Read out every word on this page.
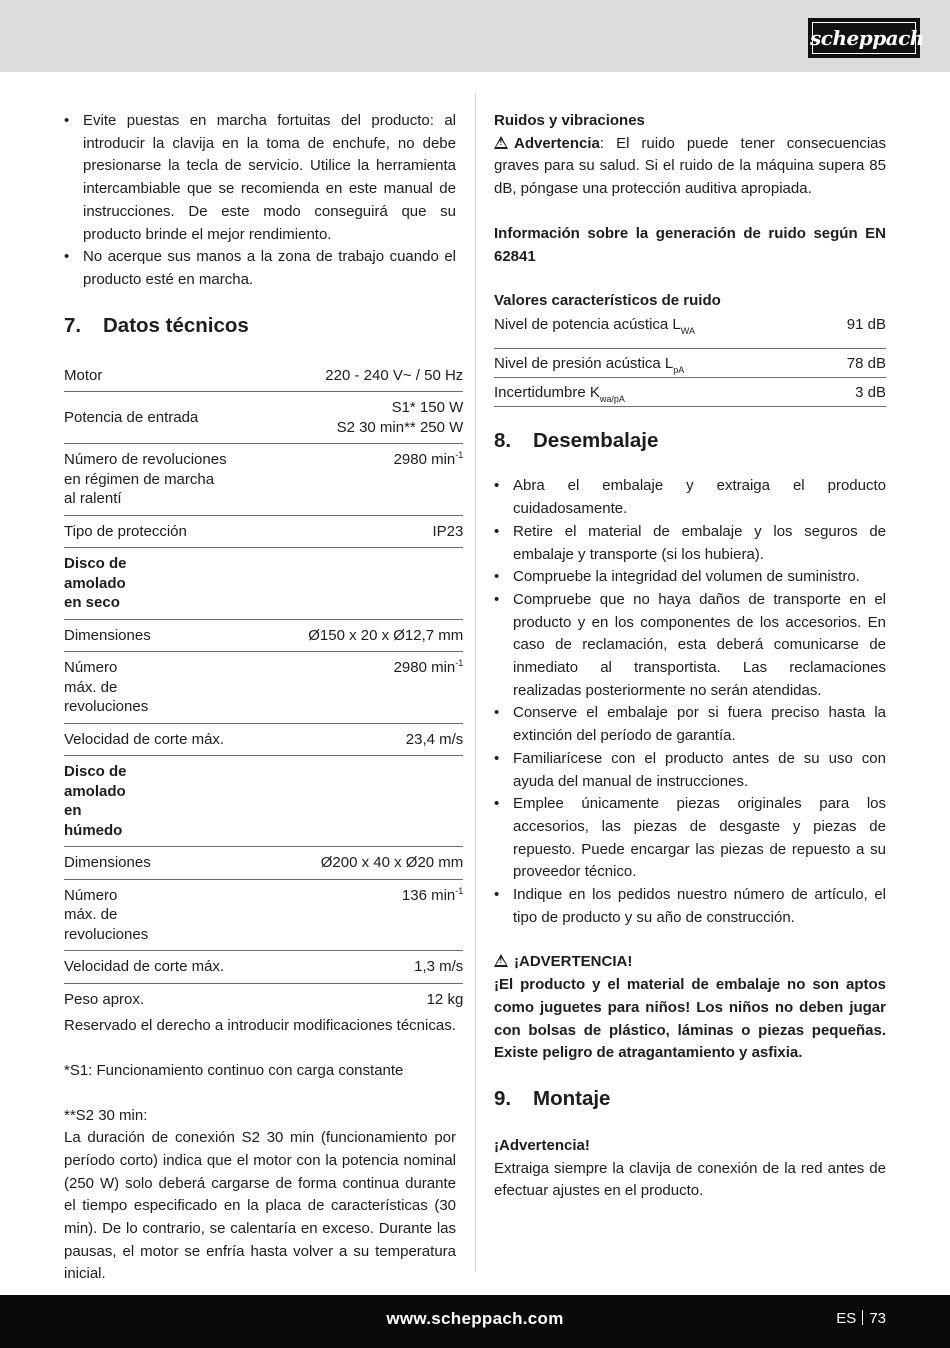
scheppach
• Evite puestas en marcha fortuitas del producto: al introducir la clavija en la toma de enchufe, no debe presionarse la tecla de servicio. Utilice la herramienta intercambiable que se recomienda en este manual de instrucciones. De este modo conseguirá que su producto brinde el mejor rendimiento.
• No acerque sus manos a la zona de trabajo cuando el producto esté en marcha.
7.	Datos técnicos
Motor	220 - 240 V~ / 50 Hz
Potencia de entrada	S1* 150 W
S2 30 min** 250 W

Número de revoluciones en régimen de marcha al ralentí	2980 $\min^{-1}$
Tipo de protección	IP23
Disco de amolado en seco	
Dimensiones	Ø150 x 20 x Ø12,7 mm
Número máx. de revoluciones	2980 $\min^{-1}$
Velocidad de corte máx.	23,4 m/s
Disco de amolado en húmedo	
Dimensiones	Ø200 x 40 x Ø20 mm
Número máx. de revoluciones	136 $\min^{-1}$
Velocidad de corte máx.	1,3 m/s
Peso aprox.	12 kg

Reservado el derecho a introducir modificaciones técnicas.

*S1: Funcionamiento continuo con carga constante

**S2 30 min:

La duración de conexión S2 30 min (funcionamiento por período corto) indica que el motor con la potencia nominal (250 W) solo deberá cargarse de forma continua durante el tiempo especificado en la placa de características (30 min). De lo contrario, se calentaría en exceso. Durante las pausas, el motor se enfría hasta volver a su temperatura inicial.

Ruidos y vibraciones

!Advertencia: El ruido puede tener consecuencias graves para su salud. Si el ruido de la máquina supera 85 dB, póngase una protección auditiva apropiada.

Información sobre la generación de ruido según EN 62841

Valores característicos de ruido

Nivel de potencia acústica $L_{WA}$	91 dB
Nivel de presión acústica $L_{pA}$	78 dB
Incertidumbre $K_{wa/pA}$	3 dB
8.	Desembalaje
• Abra el embalaje y extraiga el producto cuidadosamente.
• Retire el material de embalaje y los seguros de embalaje y transporte (si los hubiera).
• Compruebe la integridad del volumen de suministro.
• Compruebe que no haya daños de transporte en el producto y en los componentes de los accesorios. En caso de reclamación, esta deberá comunicarse de inmediato al transportista. Las reclamaciones realizadas posteriormente no serán atendidas.
• Conserve el embalaje por si fuera preciso hasta la extinción del período de garantía.
• Familiarícese con el producto antes de su uso con ayuda del manual de instrucciones.
• Emplee únicamente piezas originales para los accesorios, las piezas de desgaste y piezas de repuesto. Puede encargar las piezas de repuesto a su proveedor técnico.
• Indique en los pedidos nuestro número de artículo, el tipo de producto y su año de construcción.

!¡ADVERTENCIA!

¡El producto y el material de embalaje no son aptos como juguetes para niños! Los niños no deben jugar con bolsas de plástico, láminas o piezas pequeñas. Existe peligro de atragantamiento y asfixia.

9.	Montaje

¡Advertencia!

Extraiga siempre la clavija de conexión de la red antes de efectuar ajustes en el producto.

www.scheppach.com	ES 73
